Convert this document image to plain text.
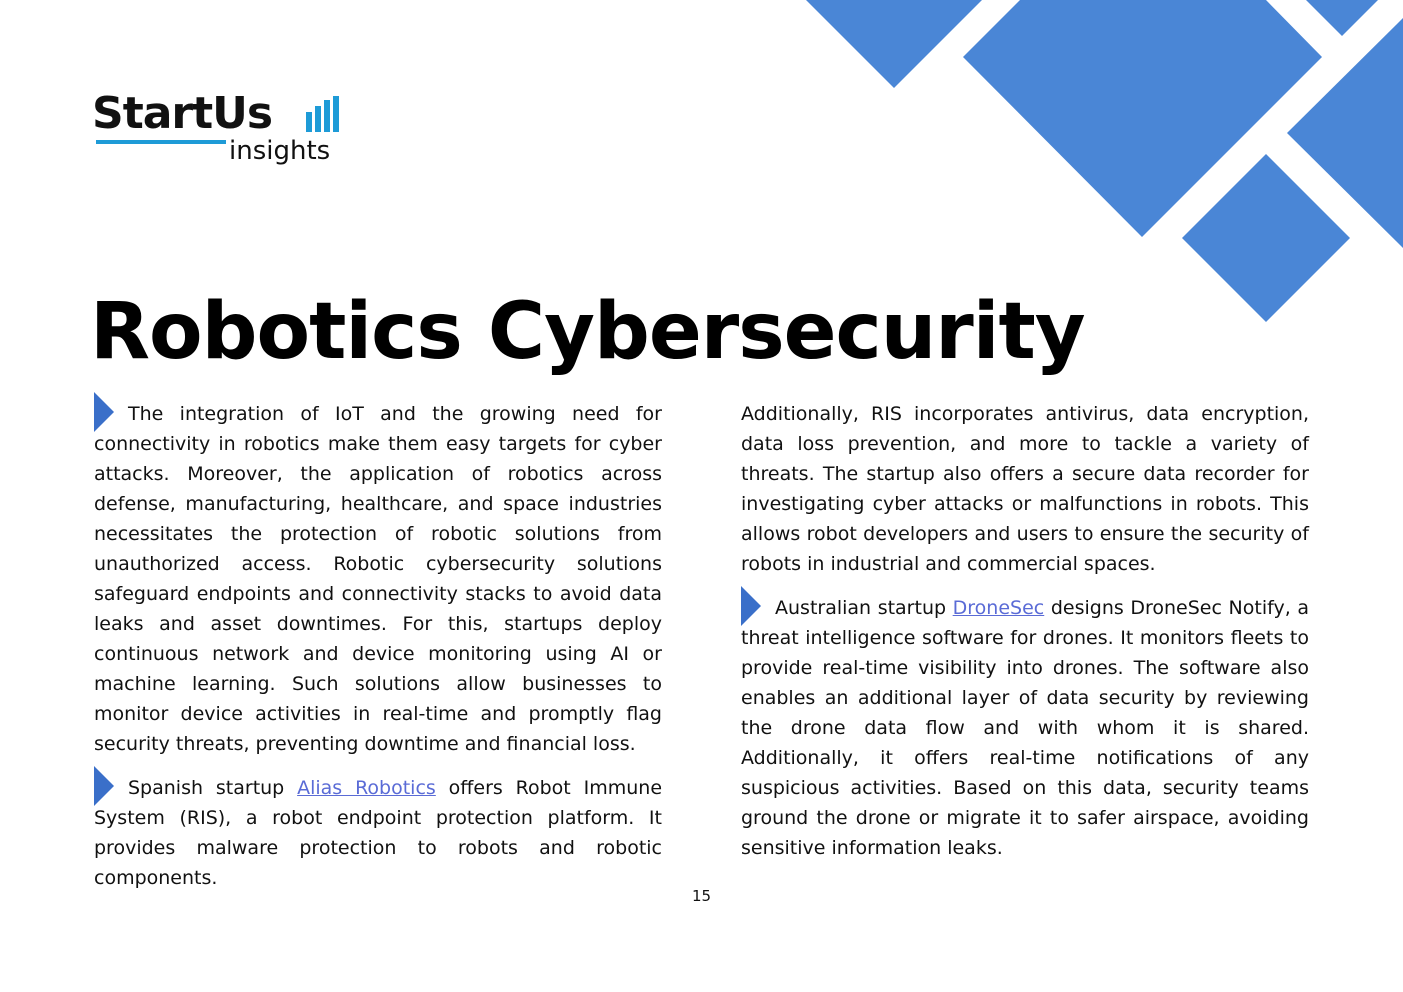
StartUs
insights
Robotics Cybersecurity

The integration of IoT and the growing need for connectivity in robotics make them easy targets for cyber attacks. Moreover, the application of robotics across defense, manufacturing, healthcare, and space industries necessitates the protection of robotic solutions from unauthorized access. Robotic cybersecurity solutions safeguard endpoints and connectivity stacks to avoid data leaks and asset downtimes. For this, startups deploy continuous network and device monitoring using AI or machine learning. Such solutions allow businesses to monitor device activities in real-time and promptly flag security threats, preventing downtime and financial loss.

Spanish startup Alias Robotics offers Robot Immune System (RIS), a robot endpoint protection platform. It provides malware protection to robots and robotic components.

Additionally, RIS incorporates antivirus, data encryption, data loss prevention, and more to tackle a variety of threats. The startup also offers a secure data recorder for investigating cyber attacks or malfunctions in robots. This allows robot developers and users to ensure the security of robots in industrial and commercial spaces.

Australian startup DroneSec designs DroneSec Notify, a threat intelligence software for drones. It monitors fleets to provide real-time visibility into drones. The software also enables an additional layer of data security by reviewing the drone data flow and with whom it is shared. Additionally, it offers real-time notifications of any suspicious activities. Based on this data, security teams ground the drone or migrate it to safer airspace, avoiding sensitive information leaks.

15
